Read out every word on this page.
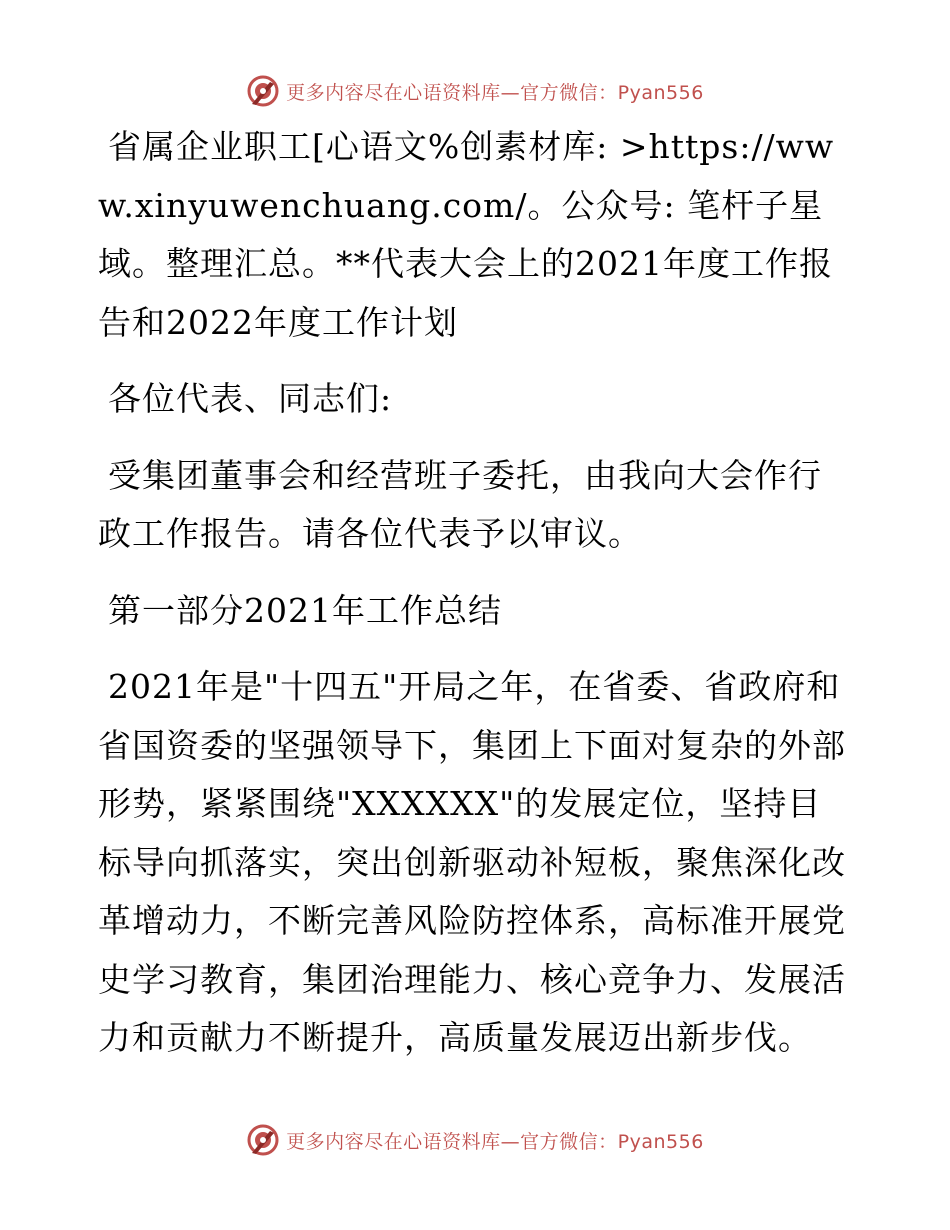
更多内容尽在心语资料库—官方微信：Pyan556

省属企业职工[心语文%创素材库: >https://www.xinyuwenchuang.com/。公众号: 笔杆子星域。整理汇总。**代表大会上的2021年度工作报告和2022年度工作计划

各位代表、同志们:

受集团董事会和经营班子委托，由我向大会作行政工作报告。请各位代表予以审议。

第一部分2021年工作总结

2021年是"十四五"开局之年，在省委、省政府和省国资委的坚强领导下，集团上下面对复杂的外部形势，紧紧围绕"XXXXXX"的发展定位，坚持目标导向抓落实，突出创新驱动补短板，聚焦深化改革增动力，不断完善风险防控体系，高标准开展党史学习教育，集团治理能力、核心竞争力、发展活力和贡献力不断提升，高质量发展迈出新步伐。

更多内容尽在心语资料库—官方微信：Pyan556
